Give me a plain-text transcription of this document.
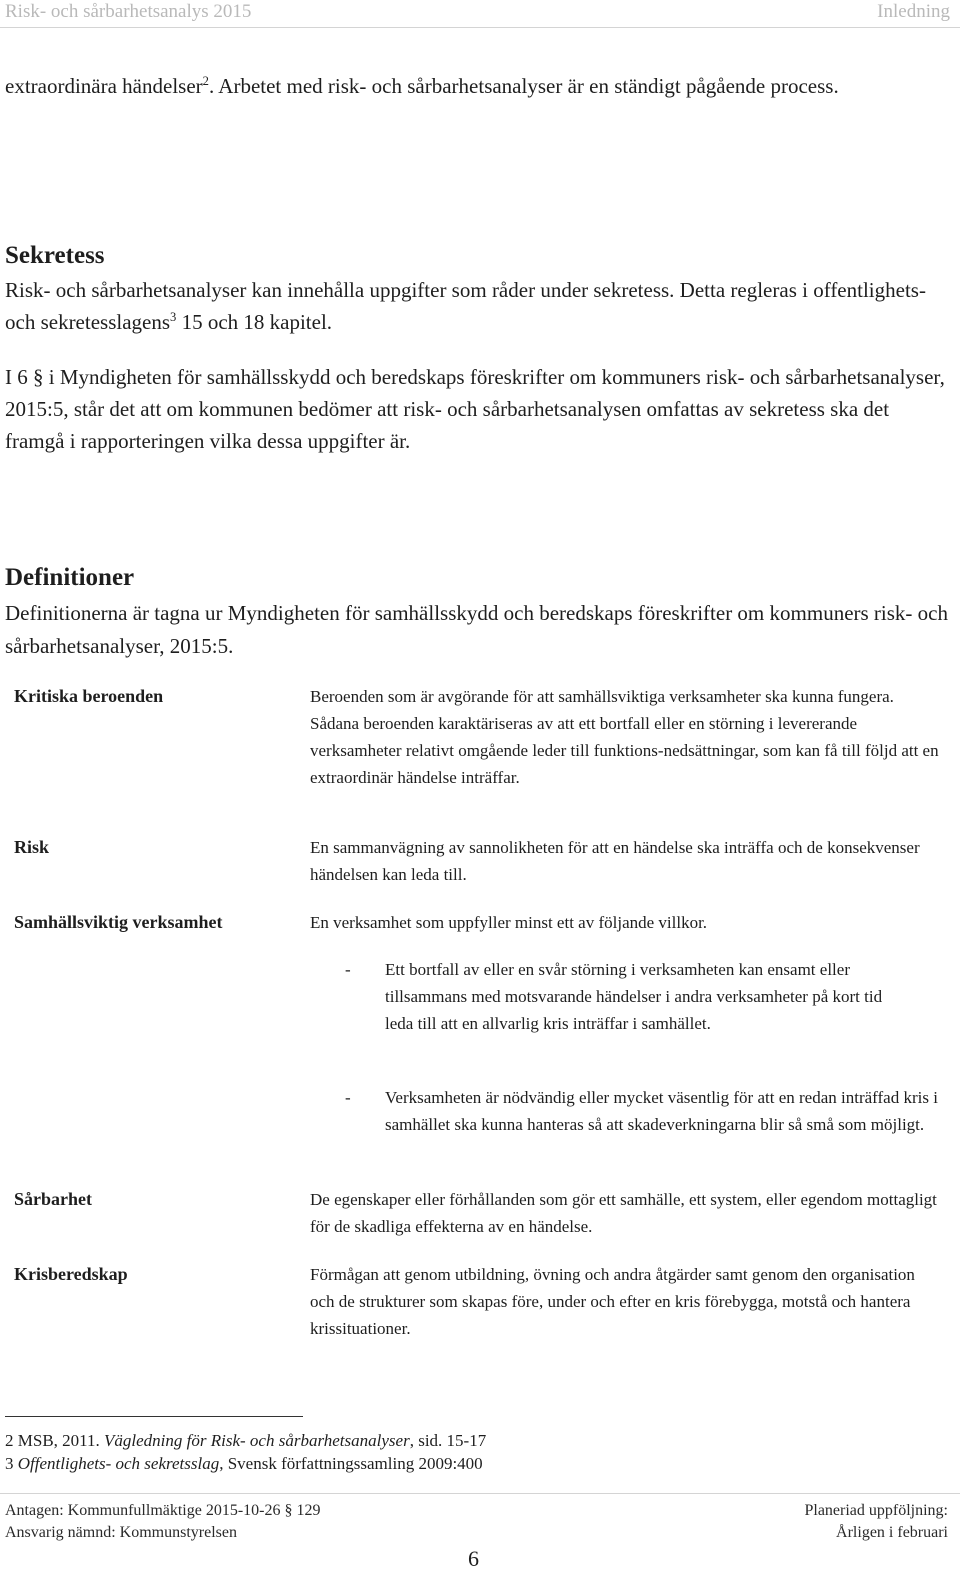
Risk- och sårbarhetsanalys 2015	Inledning
extraordinära händelser$^2$. Arbetet med risk- och sårbarhetsanalyser är en ständigt pågående process.
Sekretess
Risk- och sårbarhetsanalyser kan innehålla uppgifter som råder under sekretess. Detta regleras i offentlighets- och sekretesslagens$^3$ 15 och 18 kapitel.
I 6 § i Myndigheten för samhällsskydd och beredskaps föreskrifter om kommuners risk- och sårbarhetsanalyser, 2015:5, står det att om kommunen bedömer att risk- och sårbarhetsanalysen omfattas av sekretess ska det framgå i rapporteringen vilka dessa uppgifter är.
Definitioner
Definitionerna är tagna ur Myndigheten för samhällsskydd och beredskaps föreskrifter om kommuners risk- och sårbarhetsanalyser, 2015:5.
Kritiska beroenden	Beroenden som är avgörande för att samhällsviktiga verksamheter ska kunna fungera. Sådana beroenden karaktäriseras av att ett bortfall eller en störning i levererande verksamheter relativt omgående leder till funktions-nedsättningar, som kan få till följd att en extraordinär händelse inträffar.
Risk	En sammanvägning av sannolikheten för att en händelse ska inträffa och de konsekvenser händelsen kan leda till.
Samhällsviktig verksamhet	En verksamhet som uppfyller minst ett av följande villkor.
- Ett bortfall av eller en svår störning i verksamheten kan ensamt eller tillsammans med motsvarande händelser i andra verksamheter på kort tid leda till att en allvarlig kris inträffar i samhället.
- Verksamheten är nödvändig eller mycket väsentlig för att en redan inträffad kris i samhället ska kunna hanteras så att skadeverkningarna blir så små som möjligt.
Sårbarhet	De egenskaper eller förhållanden som gör ett samhälle, ett system, eller egendom mottagligt för de skadliga effekterna av en händelse.
Krisberedskap	Förmågan att genom utbildning, övning och andra åtgärder samt genom den organisation och de strukturer som skapas före, under och efter en kris förebygga, motstå och hantera krissituationer.
2 MSB, 2011. Vägledning för Risk- och sårbarhetsanalyser, sid. 15-17
3 Offentlighets- och sekretsslag, Svensk författningssamling 2009:400
Antagen: Kommunfullmäktige 2015-10-26 § 129
Ansvarig nämnd: Kommunstyrelsen
Planeriad uppföljning:
Årligen i februari
6
